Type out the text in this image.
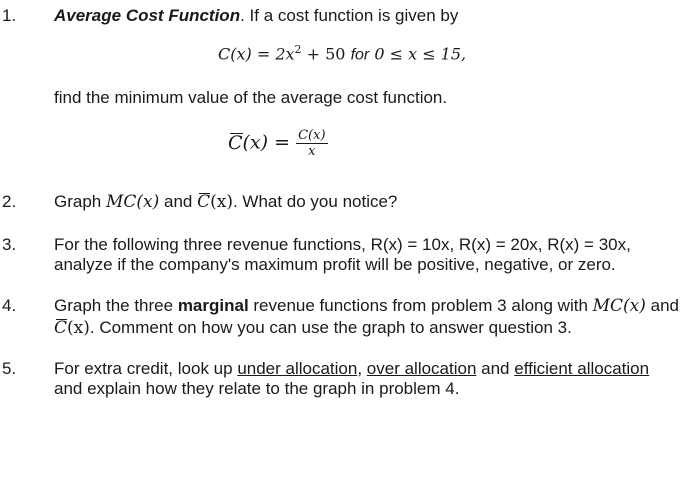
1. Average Cost Function. If a cost function is given by
$C(x) = 2x^2 + 50$ for 0 ≤ x ≤ 15,
find the minimum value of the average cost function.
$C(x) = \frac{C(x)}{x}$
2. Graph MC(x) and C(x). What do you notice?
3. For the following three revenue functions, R(x) = 10x, R(x) = 20x, R(x) = 30x,
analyze if the company's maximum profit will be positive, negative, or zero.
4. Graph the three marginal revenue functions from problem 3 along with MC(x) and
C(x). Comment on how you can use the graph to answer question 3.
5. For extra credit, look up under allocation, over allocation and efficient allocation
and explain how they relate to the graph in problem 4.
